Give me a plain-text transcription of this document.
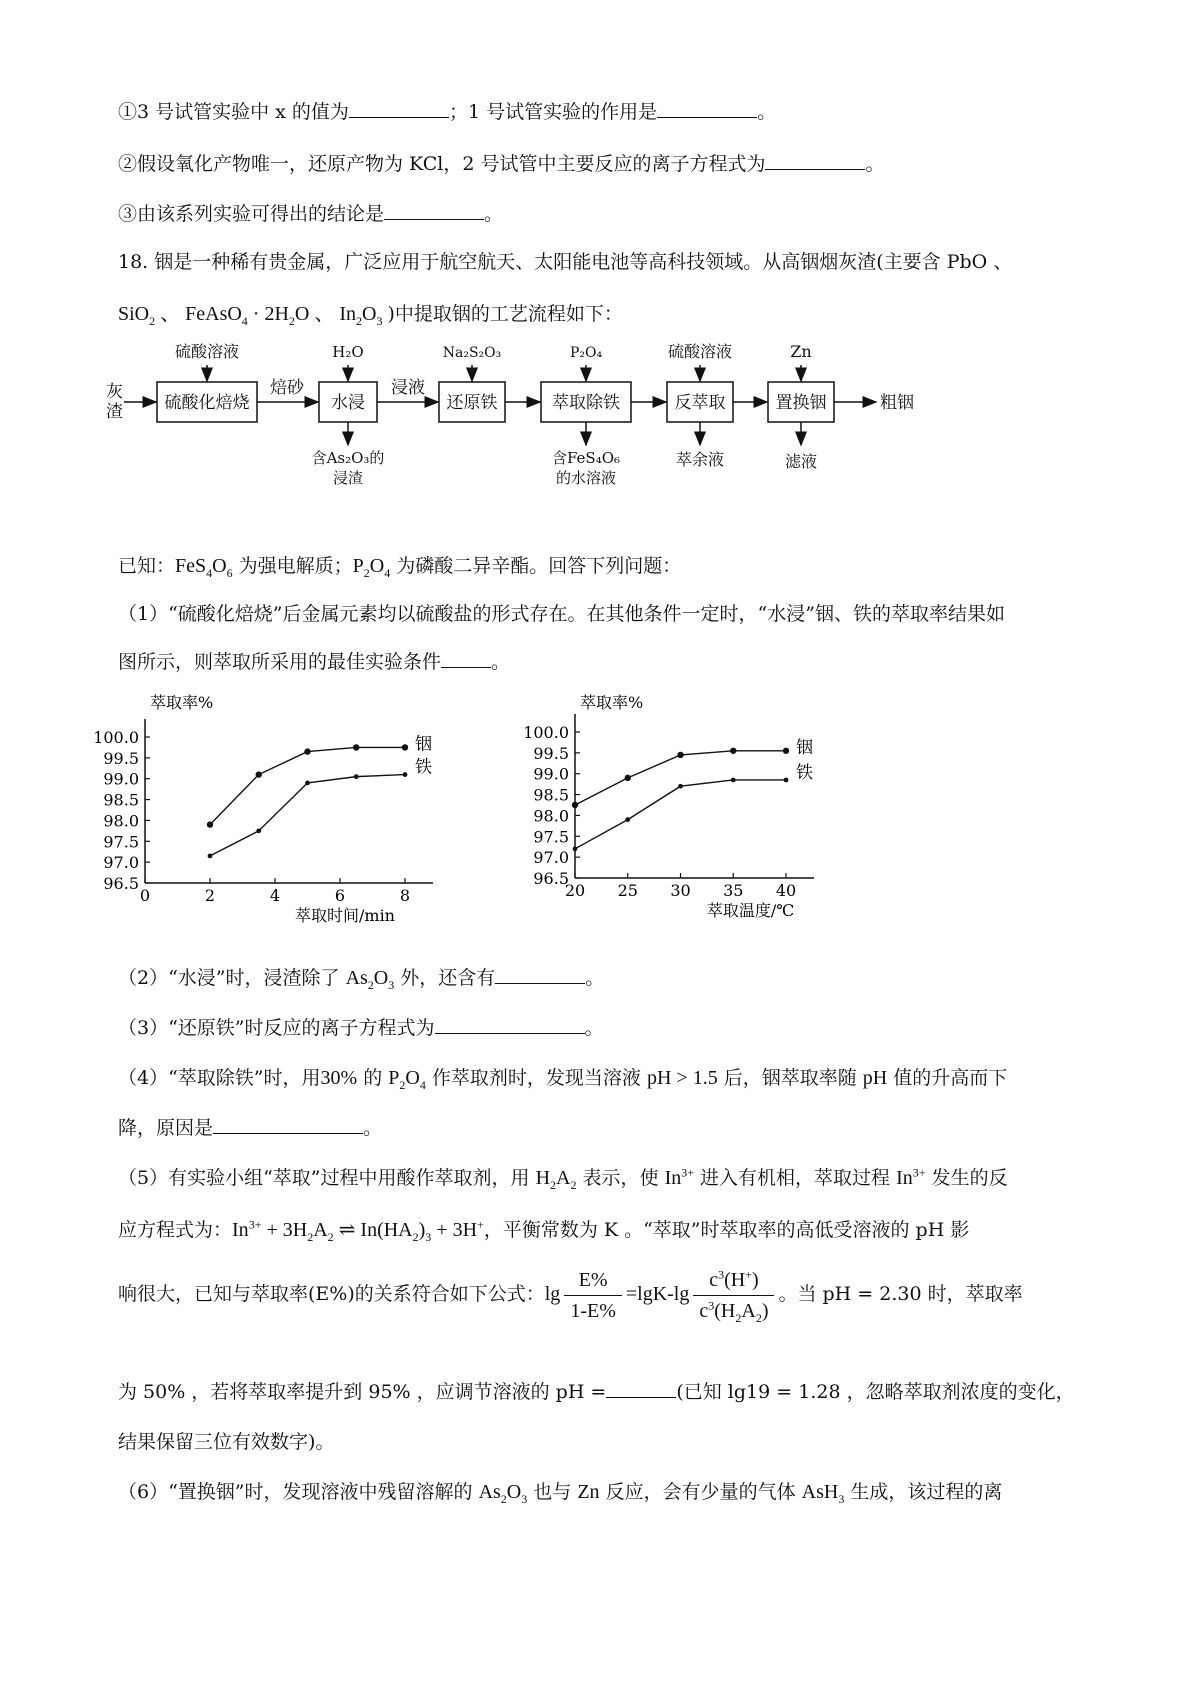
①3 号试管实验中 x 的值为	；1 号试管实验的作用是	。
②假设氧化产物唯一，还原产物为 KCl，2 号试管中主要反应的离子方程式为	。
③由该系列实验可得出的结论是	。
18. 铟是一种稀有贵金属，广泛应用于航空航天、太阳能电池等高科技领域。从高铟烟灰渣(主要含 PbO 、
SiO$_2$ 、 FeAsO$_4$ · $2H_2O$ 、 $In_2O_3$ )中提取铟的工艺流程如下：
灰
渣 硫酸化焙烧
硫酸溶液
焙砂
水浸
H₂O
含As₂O₃的
浸渣
浸液
还原铁
Na₂S₂O₃
萃取除铁
P₂O₄
含FeS₄O₆
的水溶液
反萃取
硫酸溶液
萃余液
置换铟
Zn
滤液
粗铟
已知：$FeS_4O_6$ 为强电解质；$P_2O_4$ 为磷酸二异辛酯。回答下列问题：
（1）“硫酸化焙烧”后金属元素均以硫酸盐的形式存在。在其他条件一定时，“水浸”铟、铁的萃取率结果如
图所示，则萃取所采用的最佳实验条件	。
萃取率%
100.0
99.5
99.0
98.5
98.0
97.5
97.0
96.5
0	2	4	6	8
萃取时间/min
铟
铁
萃取率%
100.0
99.5
99.0
98.5
98.0
97.5
97.0
96.5
20 25 30 35 40
萃取温度/℃
铟
铁
（2）“水浸”时，浸渣除了 $As_2O_3$ 外，还含有	。
（3）“还原铁”时反应的离子方程式为	。
（4）“萃取除铁”时，用30% 的 $P_2O_4$ 作萃取剂时，发现当溶液 pH > 1.5 后，铟萃取率随 pH 值的升高而下
降，原因是	。
（5）有实验小组“萃取”过程中用酸作萃取剂，用 $H_2A_2$ 表示，使 $In^{3+}$ 进入有机相，萃取过程 $In^{3+}$ 发生的反
应方程式为：$In^{3+} + 3H_2A_2$ ⇌ $In(HA_2)_3 + 3H^+$，平衡常数为 K 。“萃取”时萃取率的高低受溶液的 pH 影
响很大，已知与萃取率(E%)的关系符合如下公式：$\lg \frac{E\%}{1-E\%} =\lg K-\lg \frac{c^3(H^+)}{c^3(H_2A_2)}$ 。当 pH = 2.30 时，萃取率
为 50% ，若将萃取率提升到 95% ，应调节溶液的 pH =	(已知 lg19 = 1.28 ，忽略萃取剂浓度的变化，
结果保留三位有效数字)。
（6）“置换铟”时，发现溶液中残留溶解的 $As_2O_3$ 也与 Zn 反应，会有少量的气体 AsH$_3$ 生成，该过程的离
